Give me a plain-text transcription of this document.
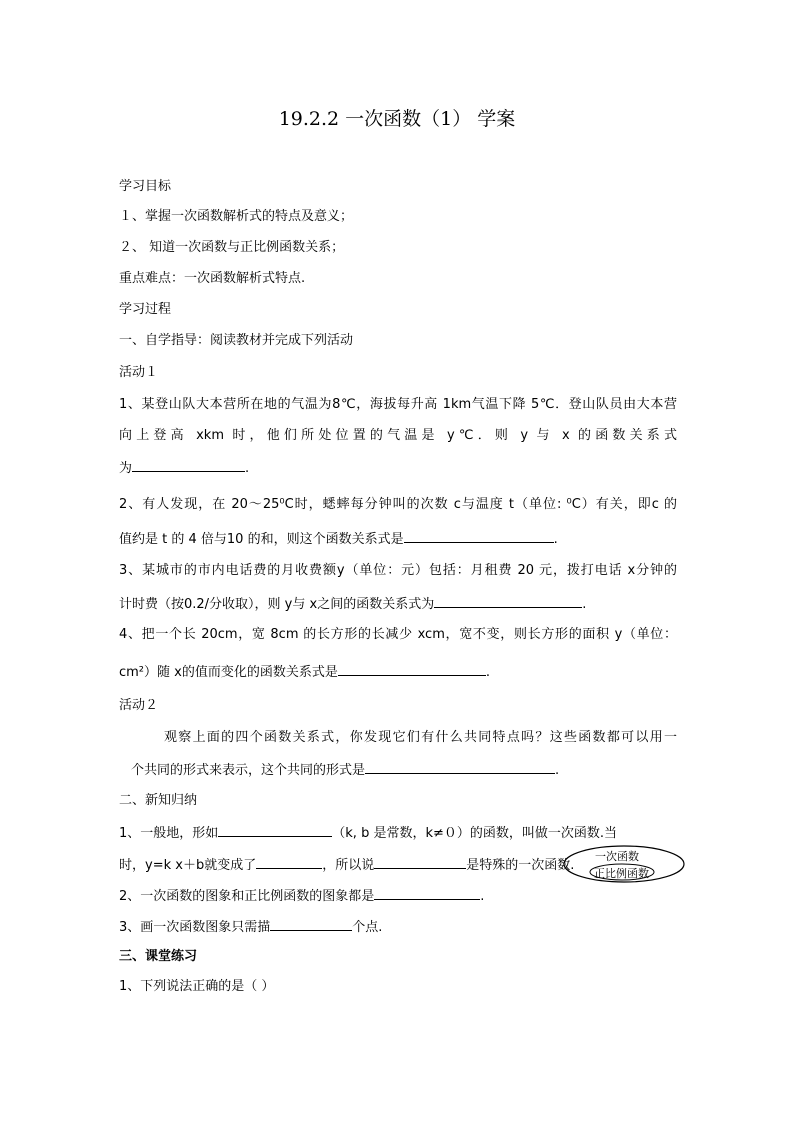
19.2.2 一次函数（1） 学案
学习目标
１、掌握一次函数解析式的特点及意义；
２、 知道一次函数与正比例函数关系；
重点难点：一次函数解析式特点.
学习过程
一、自学指导：阅读教材并完成下列活动
活动１
1、某登山队大本营所在地的气温为8℃，海拔每升高 1km气温下降 5℃．登山队员由大本营
向上登高 xkm 时，他们所处位置的气温是 y℃．则 y 与 x 的函数关系式
为	.
2、有人发现，在 20～25⁰C时，蟋蟀每分钟叫的次数 c与温度 t（单位: ⁰C）有关，即c 的
值约是 t 的 4 倍与10 的和，则这个函数关系式是	.
3、某城市的市内电话费的月收费额y（单位：元）包括：月租费 20 元，拨打电话 x分钟的
计时费（按0.2/分收取），则 y与 x之间的函数关系式为	.
4、把一个长 20cm，宽 8cm 的长方形的长减少 xcm，宽不变，则长方形的面积 y（单位：
cm²）随 x的值而变化的函数关系式是	.
活动２
观察上面的四个函数关系式，你发现它们有什么共同特点吗？这些函数都可以用一
个共同的形式来表示，这个共同的形式是	.
二、新知归纳
1、一般地，形如	（k, b 是常数，k≠０）的函数，叫做一次函数.当
时，y=k x＋b就变成了	，所以说	是特殊的一次函数.
一次函数
正比例函数
2、一次函数的图象和正比例函数的图象都是	.
3、画一次函数图象只需描	个点.
三、课堂练习
1、下列说法正确的是（ ）
